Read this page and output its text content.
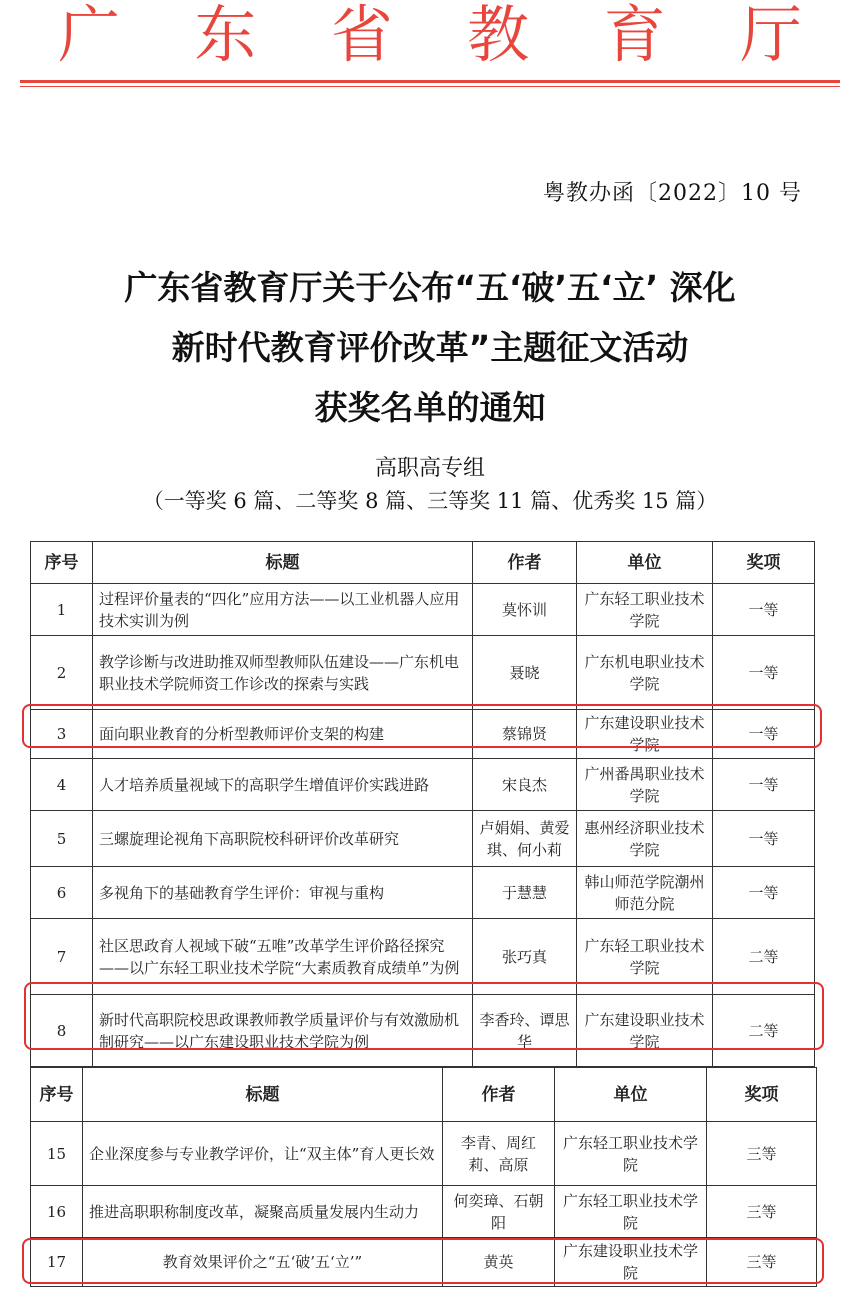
广 东 省 教 育 厅
粤教办函〔2022〕10 号
广东省教育厅关于公布“五‘破’五‘立’ 深化
新时代教育评价改革”主题征文活动
获奖名单的通知
高职高专组
（一等奖 6 篇、二等奖 8 篇、三等奖 11 篇、优秀奖 15 篇）
序号	标题	作者	单位	奖项
1	过程评价量表的“四化”应用方法——以工业机器人应用技术实训为例	莫怀训	广东轻工职业技术学院	一等
2	教学诊断与改进助推双师型教师队伍建设——广东机电职业技术学院师资工作诊改的探索与实践	聂晓	广东机电职业技术学院	一等
3	面向职业教育的分析型教师评价支架的构建	蔡锦贤	广东建设职业技术学院	一等
4	人才培养质量视域下的高职学生增值评价实践进路	宋良杰	广州番禺职业技术学院	一等
5	三螺旋理论视角下高职院校科研评价改革研究	卢娟娟、黄爱琪、何小莉	惠州经济职业技术学院	一等
6	多视角下的基础教育学生评价：审视与重构	于慧慧	韩山师范学院潮州师范分院	一等
7	社区思政育人视域下破“五唯”改革学生评价路径探究——以广东轻工职业技术学院“大素质教育成绩单”为例	张巧真	广东轻工职业技术学院	二等
8	新时代高职院校思政课教师教学质量评价与有效激励机制研究——以广东建设职业技术学院为例	李香玲、谭思华	广东建设职业技术学院	二等
序号	标题	作者	单位	奖项
15	企业深度参与专业教学评价，让“双主体”育人更长效	李青、周红莉、高原	广东轻工职业技术学院	三等
16	推进高职职称制度改革，凝聚高质量发展内生动力	何奕璋、石朝阳	广东轻工职业技术学院	三等
17	教育效果评价之“五‘破’五‘立’”	黄英	广东建设职业技术学院	三等
